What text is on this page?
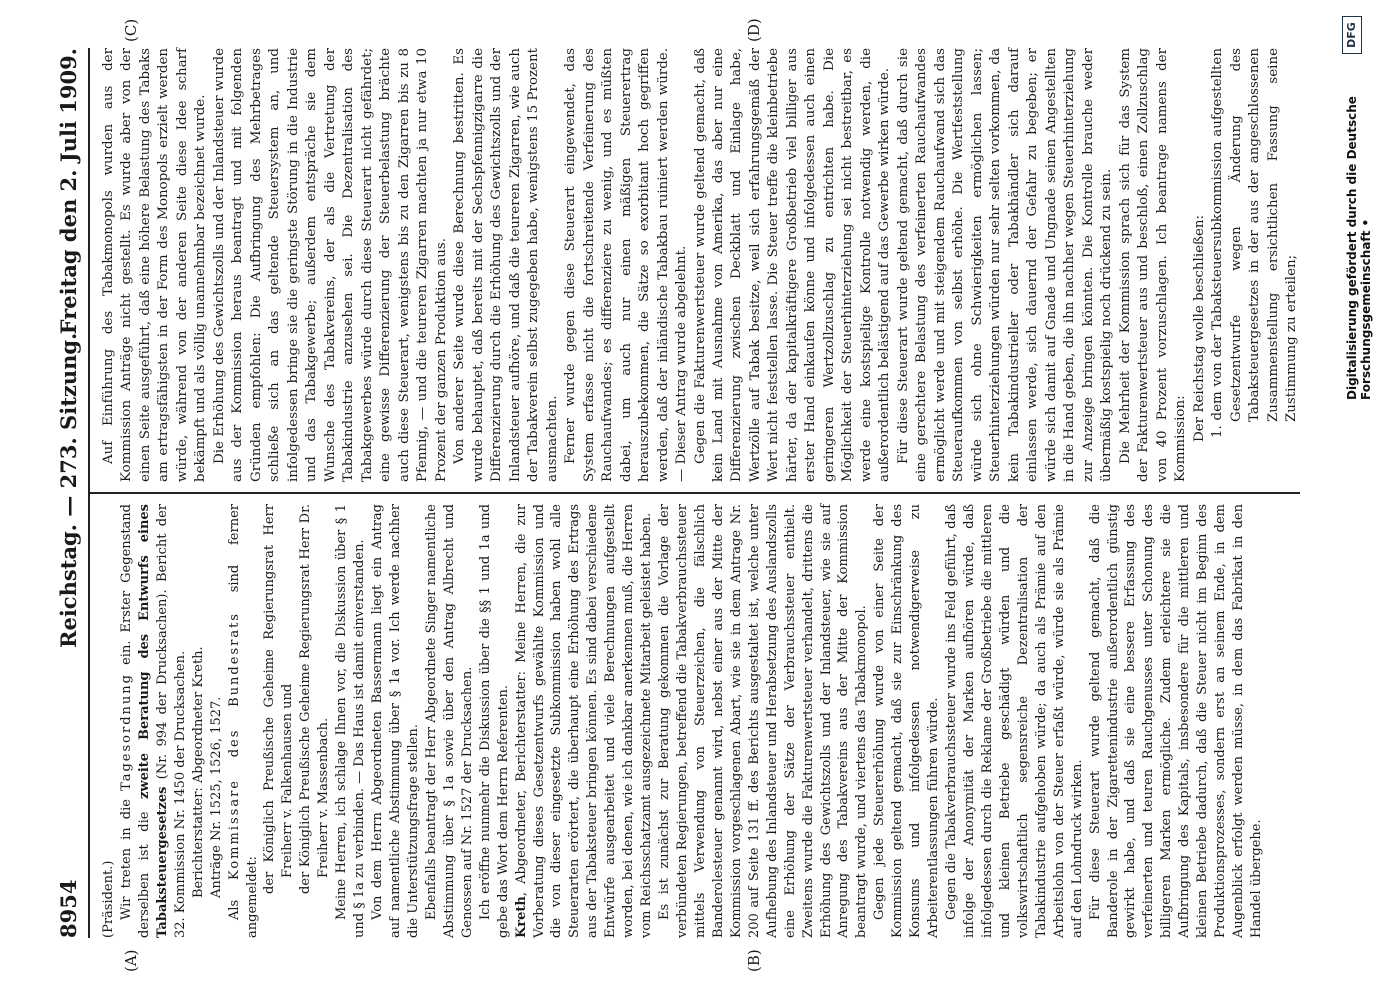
8954
Reichstag. — 273. Sitzung.
Freitag den 2. Juli 1909.
(A)	(B)
(C)	(D)

(Präsident.) Wir treten in die Tagesordnung ein. Erster Gegenstand derselben ist die zweite Beratung des Entwurfs eines Tabaksteuergesetzes (Nr. 994 der Drucksachen). Bericht der 32. Kommission Nr. 1450 der Drucksachen. Berichterstatter: Abgeordneter Kreth. Anträge Nr. 1525, 1526, 1527.

Als Kommissare des Bundesrats sind ferner angemeldet:

der Königlich Preußische Geheime Regierungsrat Herr Freiherr v. Falkenhausen und der Königlich Preußische Geheime Regierungsrat Herr Dr. Freiherr v. Massenbach. Meine Herren, ich schlage Ihnen vor, die Diskussion über § 1 und § 1a zu verbinden. — Das Haus ist damit einverstanden. Von dem Herrn Abgeordneten Bassermann liegt ein Antrag auf namentliche Abstimmung über § 1a vor. Ich werde nachher die Unterstützungsfrage stellen. Ebenfalls beantragt der Herr Abgeordnete Singer namentliche Abstimmung über § 1a sowie über den Antrag Albrecht und Genossen auf Nr. 1527 der Drucksachen. Ich eröffne nunmehr die Diskussion über die §§ 1 und 1a und gebe das Wort dem Herrn Referenten. Kreth, Abgeordneter, Berichterstatter: Meine Herren, die zur Vorberatung dieses Gesetzentwurfs gewählte Kommission und die von dieser eingesetzte Subkommission haben wohl alle Steuerarten erörtert, die überhaupt eine Erhöhung des Ertrags aus der Tabaksteuer bringen können. Es sind dabei verschiedene Entwürfe ausgearbeitet und viele Berechnungen aufgestellt worden, bei denen, wie ich dankbar anerkennen muß, die Herren vom Reichsschatzamt ausgezeichnete Mitarbeit geleistet haben. Es ist zunächst zur Beratung gekommen die Vorlage der verbündeten Regierungen, betreffend die Tabakverbrauchssteuer mittels Verwendung von Steuerzeichen, die fälschlich Banderolesteuer genannt wird, nebst einer aus der Mitte der Kommission vorgeschlagenen Abart, wie sie in dem Antrage Nr. 200 auf Seite 131 ff. des Berichts ausgestaltet ist, welche unter Aufhebung des Inlandsteuer und Herabsetzung des Auslandszolls eine Erhöhung der Sätze der Verbrauchssteuer enthielt. Zweitens wurde die Fakturenwertsteuer verhandelt, drittens die Erhöhung des Gewichtszolls und der Inlandsteuer, wie sie auf Anregung des Tabakvereins aus der Mitte der Kommission beantragt wurde, und viertens das Tabakmonopol. Gegen jede Steuererhöhung wurde von einer Seite der Kommission geltend gemacht, daß sie zur Einschränkung des Konsums und infolgedessen notwendigerweise zu Arbeiterentlassungen führen würde. Gegen die Tabakverbrauchssteuer wurde ins Feld geführt, daß infolge der Anonymität der Marken aufhören würde, daß infolgedessen durch die Reklame der Großbetriebe die mittleren und kleinen Betriebe geschädigt würden und die volkswirtschaftlich segensreiche Dezentralisation der Tabakindustrie aufgehoben würde; da auch als Prämie auf den Arbeitslohn von der Steuer erfaßt würde, würde sie als Prämie auf den Lohndruck wirken. Für diese Steuerart wurde geltend gemacht, daß die Banderole in der Zigarettenindustrie außerordentlich günstig gewirkt habe, und daß sie eine bessere Erfassung des verfeinerten und teuren Rauchgenusses unter Schonung des billigeren Marken ermögliche. Zudem erleichtere sie die Aufbringung des Kapitals, insbesondere für die mittleren und kleinen Betriebe dadurch, daß die Steuer nicht im Beginn des Produktionsprozesses, sondern erst an seinem Ende, in dem Augenblick erfolgt werden müsse, in dem das Fabrikat in den Handel übergehe.

Auf Einführung des Tabakmonopols wurden aus der Kommission Anträge nicht gestellt. Es wurde aber von der einen Seite ausgeführt, daß eine höhere Belastung des Tabaks am ertragsfähigsten in der Form des Monopols erzielt werden würde, während von der anderen Seite diese Idee scharf bekämpft und als völlig unannehmbar bezeichnet wurde. Die Erhöhung des Gewichtszolls und der Inlandsteuer wurde aus der Kommission heraus beantragt und mit folgenden Gründen empfohlen: Die Aufbringung des Mehrbetrages schließe sich an das geltende Steuersystem an, und infolgedessen bringe sie die geringste Störung in die Industrie und das Tabakgewerbe; außerdem entspräche sie dem Wunsche des Tabakvereins, der als die Vertretung der Tabakindustrie anzusehen sei. Die Dezentralisation des Tabakgewerbes würde durch diese Steuerart nicht gefährdet; eine gewisse Differenzierung der Steuerbelastung brächte auch diese Steuerart, wenigstens bis zu den Zigarren bis zu 8 Pfennig, — und die teureren Zigarren machten ja nur etwa 10 Prozent der ganzen Produktion aus. Von anderer Seite wurde diese Berechnung bestritten. Es wurde behauptet, daß bereits mit der Sechspfennigzigarre die Differenzierung durch die Erhöhung des Gewichtszolls und der Inlandsteuer aufhöre, und daß die teureren Zigarren, wie auch der Tabakverein selbst zugegeben habe, wenigstens 15 Prozent ausmachten. Ferner wurde gegen diese Steuerart eingewendet, das System erfasse nicht die fortschreitende Verfeinerung des Rauchaufwandes; es differenziere zu wenig, und es müßten dabei, um auch nur einen mäßigen Steuerertrag herauszubekommen, die Sätze so exorbitant hoch gegriffen werden, daß der inländische Tabakbau ruiniert werden würde. — Dieser Antrag wurde abgelehnt. Gegen die Fakturenwertsteuer wurde geltend gemacht, daß kein Land mit Ausnahme von Amerika, das aber nur eine Differenzierung zwischen Deckblatt und Einlage habe, Wertzölle auf Tabak besitze, weil sich erfahrungsgemäß der Wert nicht feststellen lasse. Die Steuer treffe die kleinbetriebe härter, da der kapitalkräftigere Großbetrieb viel billiger aus erster Hand einkaufen könne und infolgedessen auch einen geringeren Wertzollzuschlag zu entrichten habe. Die Möglichkeit der Steuerhinterziehung sei nicht bestreitbar, es werde eine kostspielige Kontrolle notwendig werden, die außerordentlich belästigend auf das Gewerbe wirken würde. Für diese Steuerart wurde geltend gemacht, daß durch sie eine gerechtere Belastung des verfeinerten Rauchaufwandes ermöglicht werde und mit steigendem Rauchaufwand sich das Steueraufkommen von selbst erhöhe. Die Wertfeststellung würde sich ohne Schwierigkeiten ermöglichen lassen; Steuerhinterziehungen würden nur sehr selten vorkommen, da kein Tabakindustrieller oder Tabakhändler sich darauf einlassen werde, sich dauernd der Gefahr zu begeben; er würde sich damit auf Gnade und Ungnade seinen Angestellten in die Hand geben, die ihn nachher wegen Steuerhinterziehung zur Anzeige bringen könnten. Die Kontrolle brauche weder übermäßig kostspielig noch drückend zu sein. Die Mehrheit der Kommission sprach sich für das System der Fakturenwertsteuer aus und beschloß, einen Zollzuschlag von 40 Prozent vorzuschlagen. Ich beantrage namens der Kommission: Der Reichstag wolle beschließen: 1. dem von der Tabaksteuersubkommission aufgestellten Gesetzentwurfe wegen Änderung des Tabaksteuergesetzes in der aus der angeschlossenen Zusammenstellung ersichtlichen Fassung seine Zustimmung zu erteilen;	Digitalisierung gefördert durch die Deutsche Forschungsgemeinschaft •
DFG
